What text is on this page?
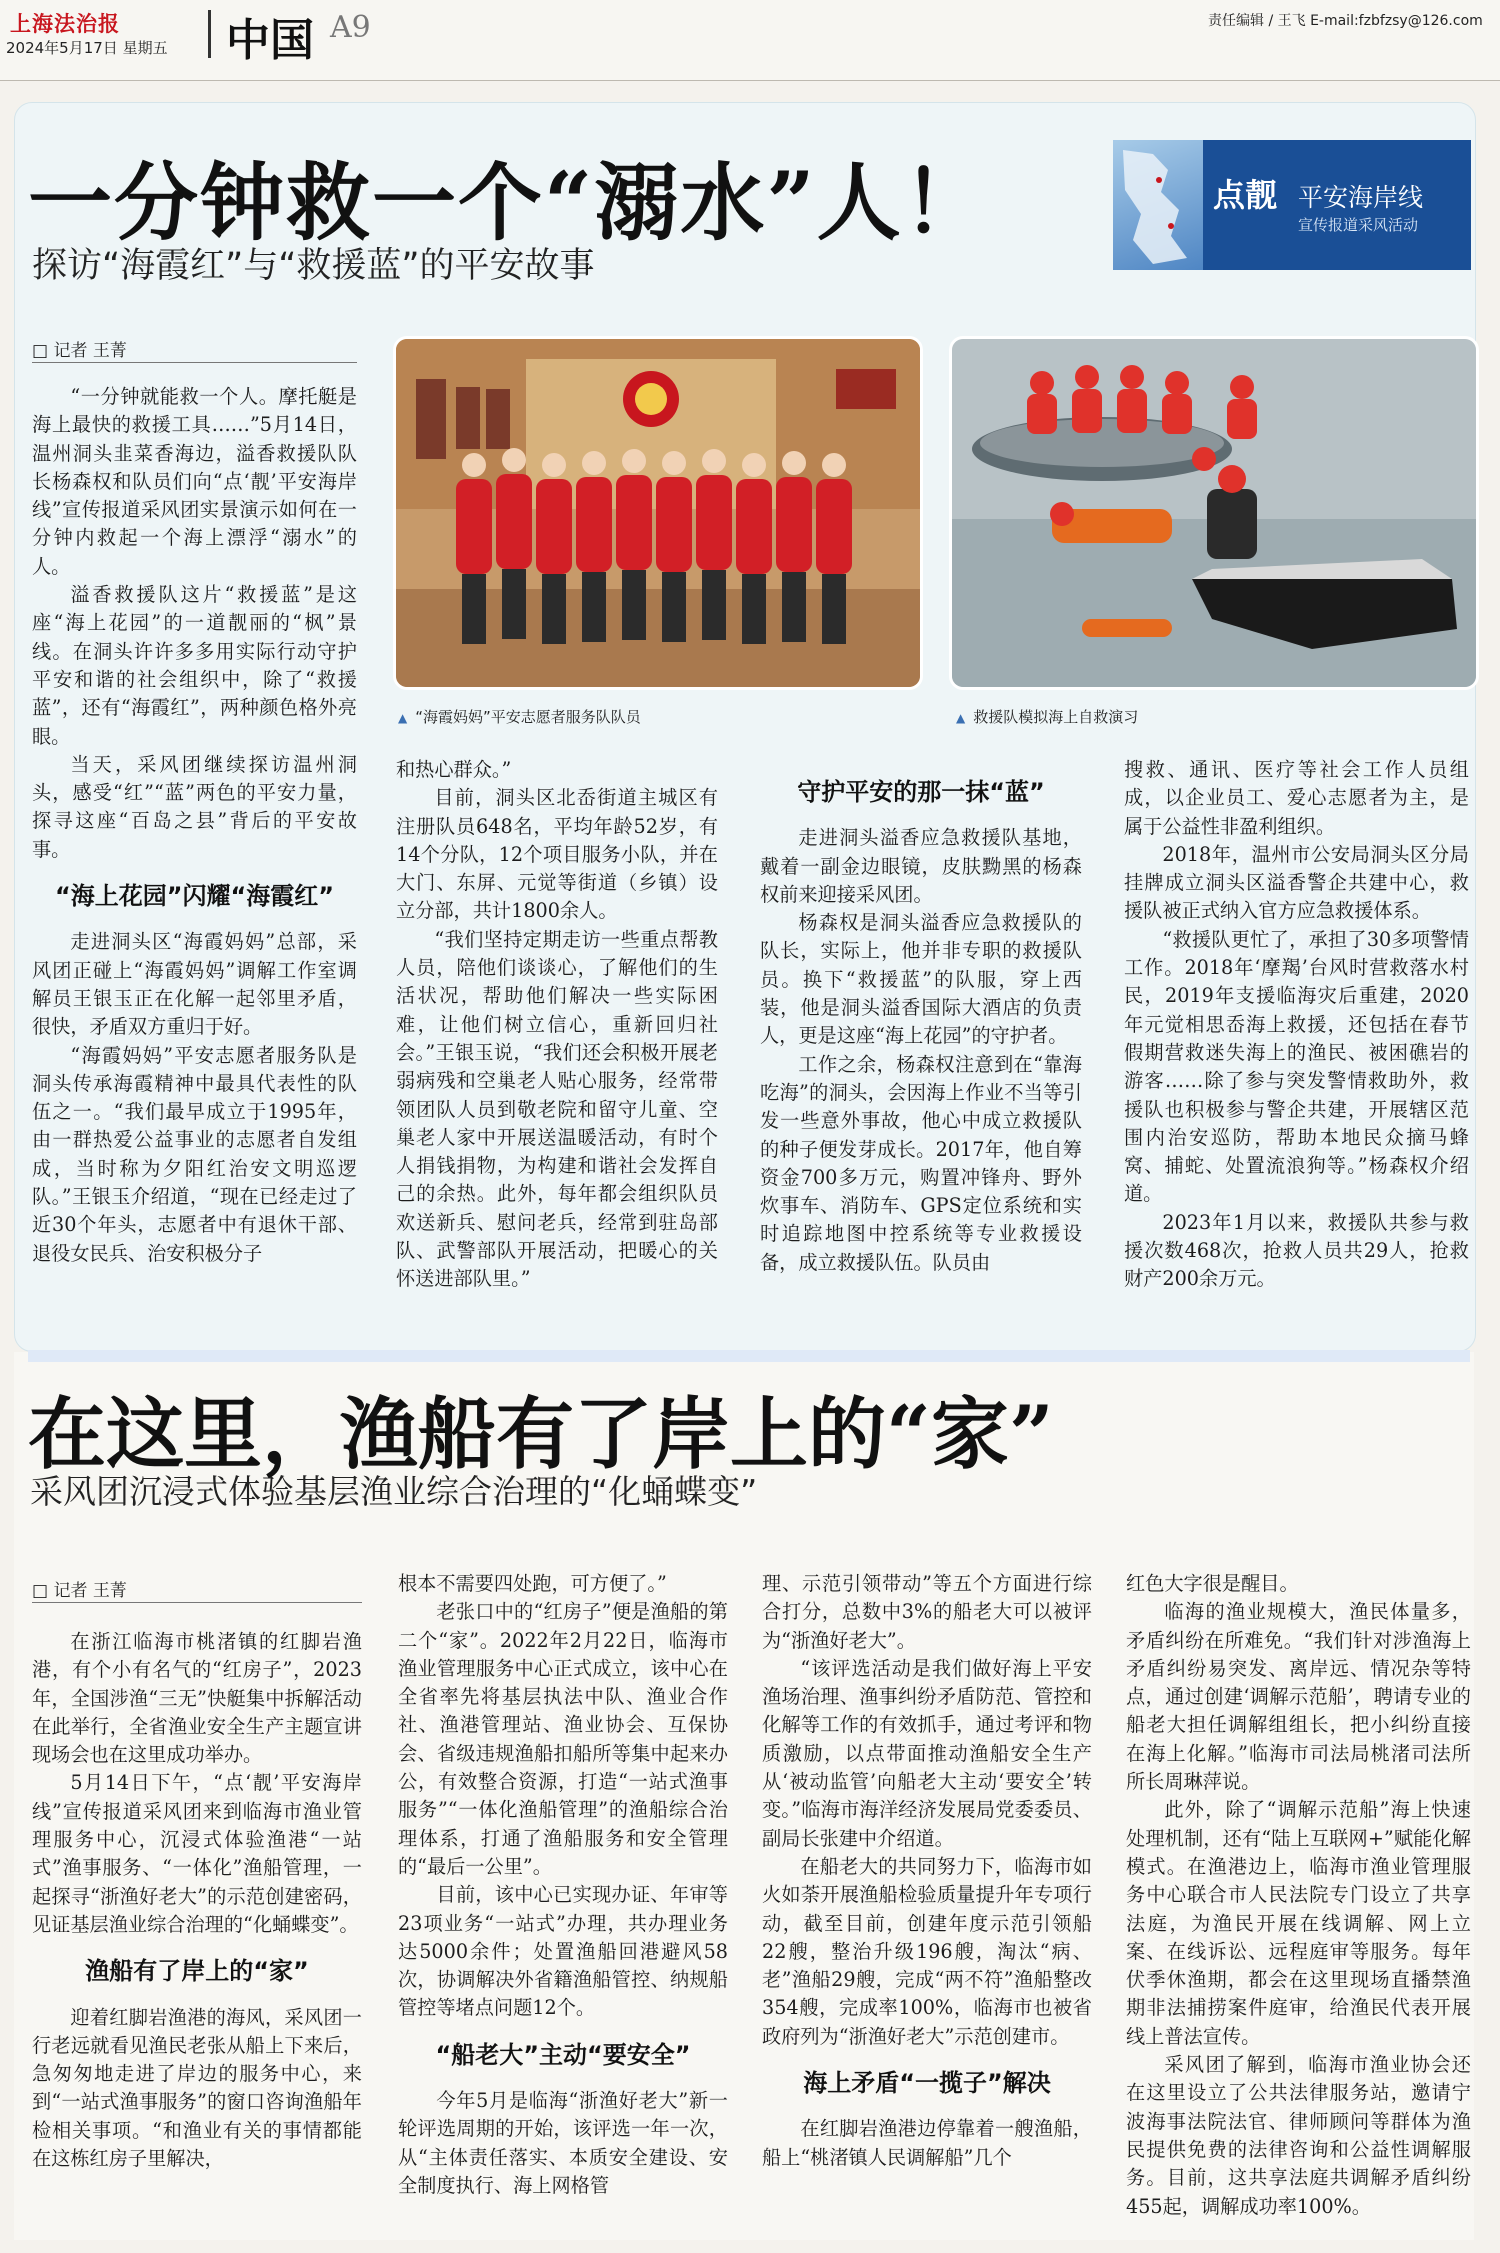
上海法治报
2024年5月17日 星期五 中国 A9	责任编辑 / 王飞 E-mail:fzbfzsy@126.com
一分钟救一个“溺水”人！
探访“海霞红”与“救援蓝”的平安故事
点靓 平安海岸线
宣传报道采风活动
□ 记者 王菁
▲ “海霞妈妈”平安志愿者服务队队员	▲ 救援队模拟海上自救演习

“一分钟就能救一个人。摩托艇是海上最快的救援工具……”5月14日，温州洞头韭菜香海边，溢香救援队队长杨森权和队员们向“点‘靓’平安海岸线”宣传报道采风团实景演示如何在一分钟内救起一个海上漂浮“溺水”的人。

溢香救援队这片“救援蓝”是这座“海上花园”的一道靓丽的“枫”景线。在洞头许许多多用实际行动守护平安和谐的社会组织中，除了“救援蓝”，还有“海霞红”，两种颜色格外亮眼。

当天，采风团继续探访温州洞头，感受“红”“蓝”两色的平安力量，探寻这座“百岛之县”背后的平安故事。

“海上花园”闪耀“海霞红”

走进洞头区“海霞妈妈”总部，采风团正碰上“海霞妈妈”调解工作室调解员王银玉正在化解一起邻里矛盾，很快，矛盾双方重归于好。

“海霞妈妈”平安志愿者服务队是洞头传承海霞精神中最具代表性的队伍之一。“我们最早成立于1995年，由一群热爱公益事业的志愿者自发组成，当时称为夕阳红治安文明巡逻队。”王银玉介绍道，“现在已经走过了近30个年头，志愿者中有退休干部、退役女民兵、治安积极分子

和热心群众。”

目前，洞头区北岙街道主城区有注册队员648名，平均年龄52岁，有14个分队，12个项目服务小队，并在大门、东屏、元觉等街道（乡镇）设立分部，共计1800余人。

“我们坚持定期走访一些重点帮教人员，陪他们谈谈心，了解他们的生活状况，帮助他们解决一些实际困难，让他们树立信心，重新回归社会。”王银玉说，“我们还会积极开展老弱病残和空巢老人贴心服务，经常带领团队人员到敬老院和留守儿童、空巢老人家中开展送温暖活动，有时个人捐钱捐物，为构建和谐社会发挥自己的余热。此外，每年都会组织队员欢送新兵、慰问老兵，经常到驻岛部队、武警部队开展活动，把暖心的关怀送进部队里。”

守护平安的那一抹“蓝”

走进洞头溢香应急救援队基地，戴着一副金边眼镜，皮肤黝黑的杨森权前来迎接采风团。

杨森权是洞头溢香应急救援队的队长，实际上，他并非专职的救援队员。换下“救援蓝”的队服，穿上西装，他是洞头溢香国际大酒店的负责人，更是这座“海上花园”的守护者。

工作之余，杨森权注意到在“靠海吃海”的洞头，会因海上作业不当等引发一些意外事故，他心中成立救援队的种子便发芽成长。2017年，他自筹资金700多万元，购置冲锋舟、野外炊事车、消防车、GPS定位系统和实时追踪地图中控系统等专业救援设备，成立救援队伍。队员由

搜救、通讯、医疗等社会工作人员组成，以企业员工、爱心志愿者为主，是属于公益性非盈利组织。

2018年，温州市公安局洞头区分局挂牌成立洞头区溢香警企共建中心，救援队被正式纳入官方应急救援体系。

“救援队更忙了，承担了30多项警情工作。2018年‘摩羯’台风时营救落水村民，2019年支援临海灾后重建，2020年元觉相思岙海上救援，还包括在春节假期营救迷失海上的渔民、被困礁岩的游客……除了参与突发警情救助外，救援队也积极参与警企共建，开展辖区范围内治安巡防，帮助本地民众摘马蜂窝、捕蛇、处置流浪狗等。”杨森权介绍道。

2023年1月以来，救援队共参与救援次数468次，抢救人员共29人，抢救财产200余万元。

在这里，渔船有了岸上的“家”
采风团沉浸式体验基层渔业综合治理的“化蛹蝶变”
□ 记者 王菁

在浙江临海市桃渚镇的红脚岩渔港，有个小有名气的“红房子”，2023年，全国涉渔“三无”快艇集中拆解活动在此举行，全省渔业安全生产主题宣讲现场会也在这里成功举办。

5月14日下午，“点‘靓’平安海岸线”宣传报道采风团来到临海市渔业管理服务中心，沉浸式体验渔港“一站式”渔事服务、“一体化”渔船管理，一起探寻“浙渔好老大”的示范创建密码，见证基层渔业综合治理的“化蛹蝶变”。

渔船有了岸上的“家”

迎着红脚岩渔港的海风，采风团一行老远就看见渔民老张从船上下来后，急匆匆地走进了岸边的服务中心，来到“一站式渔事服务”的窗口咨询渔船年检相关事项。“和渔业有关的事情都能在这栋红房子里解决，

根本不需要四处跑，可方便了。”

老张口中的“红房子”便是渔船的第二个“家”。2022年2月22日，临海市渔业管理服务中心正式成立，该中心在全省率先将基层执法中队、渔业合作社、渔港管理站、渔业协会、互保协会、省级违规渔船扣船所等集中起来办公，有效整合资源，打造“一站式渔事服务”“一体化渔船管理”的渔船综合治理体系，打通了渔船服务和安全管理的“最后一公里”。

目前，该中心已实现办证、年审等23项业务“一站式”办理，共办理业务达5000余件；处置渔船回港避风58次，协调解决外省籍渔船管控、纳规船管控等堵点问题12个。

“船老大”主动“要安全”

今年5月是临海“浙渔好老大”新一轮评选周期的开始，该评选一年一次，从“主体责任落实、本质安全建设、安全制度执行、海上网格管

理、示范引领带动”等五个方面进行综合打分，总数中3%的船老大可以被评为“浙渔好老大”。

“该评选活动是我们做好海上平安渔场治理、渔事纠纷矛盾防范、管控和化解等工作的有效抓手，通过考评和物质激励，以点带面推动渔船安全生产从‘被动监管’向船老大主动‘要安全’转变。”临海市海洋经济发展局党委委员、副局长张建中介绍道。

在船老大的共同努力下，临海市如火如荼开展渔船检验质量提升年专项行动，截至目前，创建年度示范引领船22艘，整治升级196艘，淘汰“病、老”渔船29艘，完成“两不符”渔船整改354艘，完成率100%，临海市也被省政府列为“浙渔好老大”示范创建市。

海上矛盾“一揽子”解决

在红脚岩渔港边停靠着一艘渔船，船上“桃渚镇人民调解船”几个

红色大字很是醒目。

临海的渔业规模大，渔民体量多，矛盾纠纷在所难免。“我们针对涉渔海上矛盾纠纷易突发、离岸远、情况杂等特点，通过创建‘调解示范船’，聘请专业的船老大担任调解组组长，把小纠纷直接在海上化解。”临海市司法局桃渚司法所所长周琳萍说。

此外，除了“调解示范船”海上快速处理机制，还有“陆上互联网+”赋能化解模式。在渔港边上，临海市渔业管理服务中心联合市人民法院专门设立了共享法庭，为渔民开展在线调解、网上立案、在线诉讼、远程庭审等服务。每年伏季休渔期，都会在这里现场直播禁渔期非法捕捞案件庭审，给渔民代表开展线上普法宣传。

采风团了解到，临海市渔业协会还在这里设立了公共法律服务站，邀请宁波海事法院法官、律师顾问等群体为渔民提供免费的法律咨询和公益性调解服务。目前，这共享法庭共调解矛盾纠纷455起，调解成功率100%。
